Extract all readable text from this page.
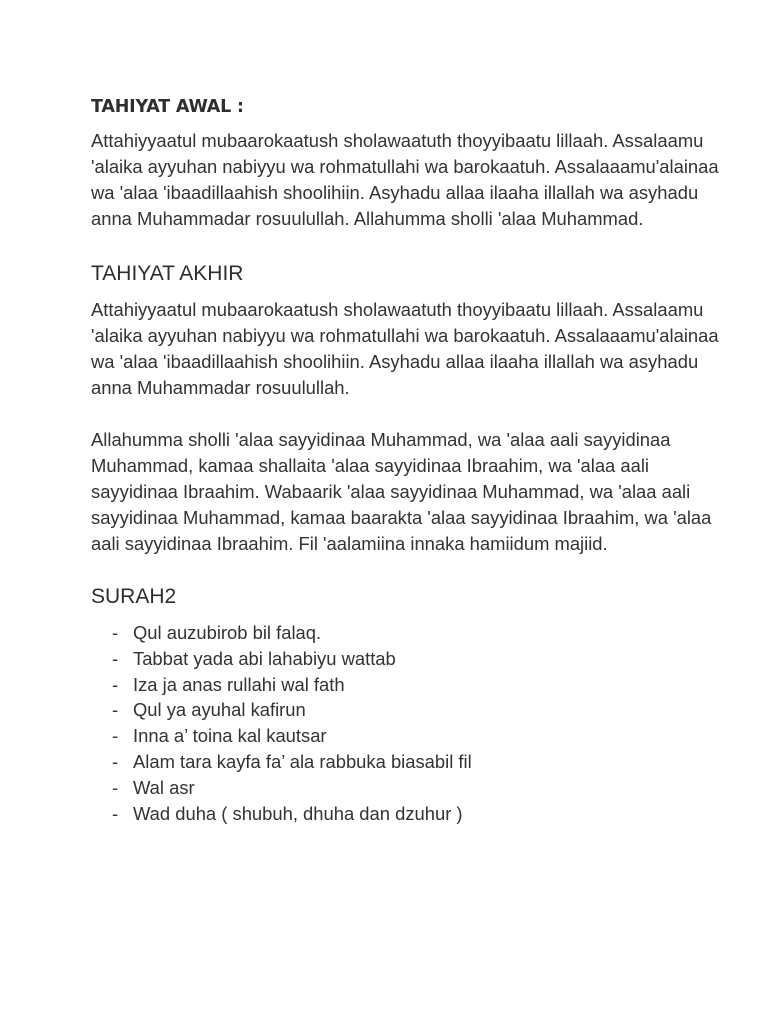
TAHIYAT AWAL :

Attahiyyaatul mubaarokaatush sholawaatuth thoyyibaatu lillaah. Assalaamu 'alaika ayyuhan nabiyyu wa rohmatullahi wa barokaatuh. Assalaaamu'alainaa wa 'alaa 'ibaadillaahish shoolihiin. Asyhadu allaa ilaaha illallah wa asyhadu anna Muhammadar rosuulullah. Allahumma sholli 'alaa Muhammad.

TAHIYAT AKHIR

Attahiyyaatul mubaarokaatush sholawaatuth thoyyibaatu lillaah. Assalaamu 'alaika ayyuhan nabiyyu wa rohmatullahi wa barokaatuh. Assalaaamu'alainaa wa 'alaa 'ibaadillaahish shoolihiin. Asyhadu allaa ilaaha illallah wa asyhadu anna Muhammadar rosuulullah.

Allahumma sholli 'alaa sayyidinaa Muhammad, wa 'alaa aali sayyidinaa Muhammad, kamaa shallaita 'alaa sayyidinaa Ibraahim, wa 'alaa aali sayyidinaa Ibraahim. Wabaarik 'alaa sayyidinaa Muhammad, wa 'alaa aali sayyidinaa Muhammad, kamaa baarakta 'alaa sayyidinaa Ibraahim, wa 'alaa aali sayyidinaa Ibraahim. Fil 'aalamiina innaka hamiidum majiid.

SURAH2
- Qul auzubirob bil falaq.
- Tabbat yada abi lahabiyu wattab
- Iza ja anas rullahi wal fath
- Qul ya ayuhal kafirun
- Inna a’ toina kal kautsar
- Alam tara kayfa fa’ ala rabbuka biasabil fil
- Wal asr
- Wad duha ( shubuh, dhuha dan dzuhur )
